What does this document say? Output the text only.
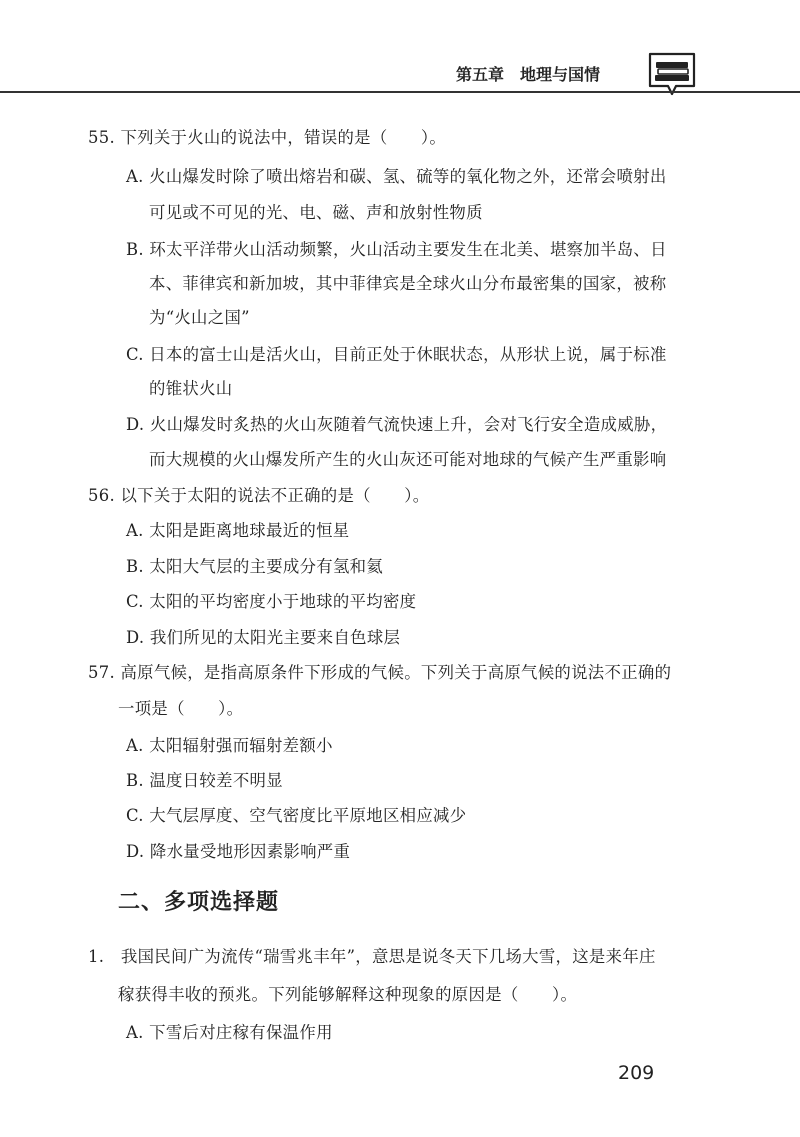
第五章　地理与国情
55. 下列关于火山的说法中，错误的是（　　）。
A. 火山爆发时除了喷出熔岩和碳、氢、硫等的氧化物之外，还常会喷射出
可见或不可见的光、电、磁、声和放射性物质
B. 环太平洋带火山活动频繁，火山活动主要发生在北美、堪察加半岛、日
本、菲律宾和新加坡，其中菲律宾是全球火山分布最密集的国家，被称
为“火山之国”
C. 日本的富士山是活火山，目前正处于休眠状态，从形状上说，属于标准
的锥状火山
D. 火山爆发时炙热的火山灰随着气流快速上升，会对飞行安全造成威胁，
而大规模的火山爆发所产生的火山灰还可能对地球的气候产生严重影响
56. 以下关于太阳的说法不正确的是（　　）。
A. 太阳是距离地球最近的恒星
B. 太阳大气层的主要成分有氢和氦
C. 太阳的平均密度小于地球的平均密度
D. 我们所见的太阳光主要来自色球层
57. 高原气候，是指高原条件下形成的气候。下列关于高原气候的说法不正确的
一项是（　　）。
A. 太阳辐射强而辐射差额小
B. 温度日较差不明显
C. 大气层厚度、空气密度比平原地区相应减少
D. 降水量受地形因素影响严重
二、多项选择题
1.　我国民间广为流传“瑞雪兆丰年”，意思是说冬天下几场大雪，这是来年庄
稼获得丰收的预兆。下列能够解释这种现象的原因是（　　）。
A. 下雪后对庄稼有保温作用
209
